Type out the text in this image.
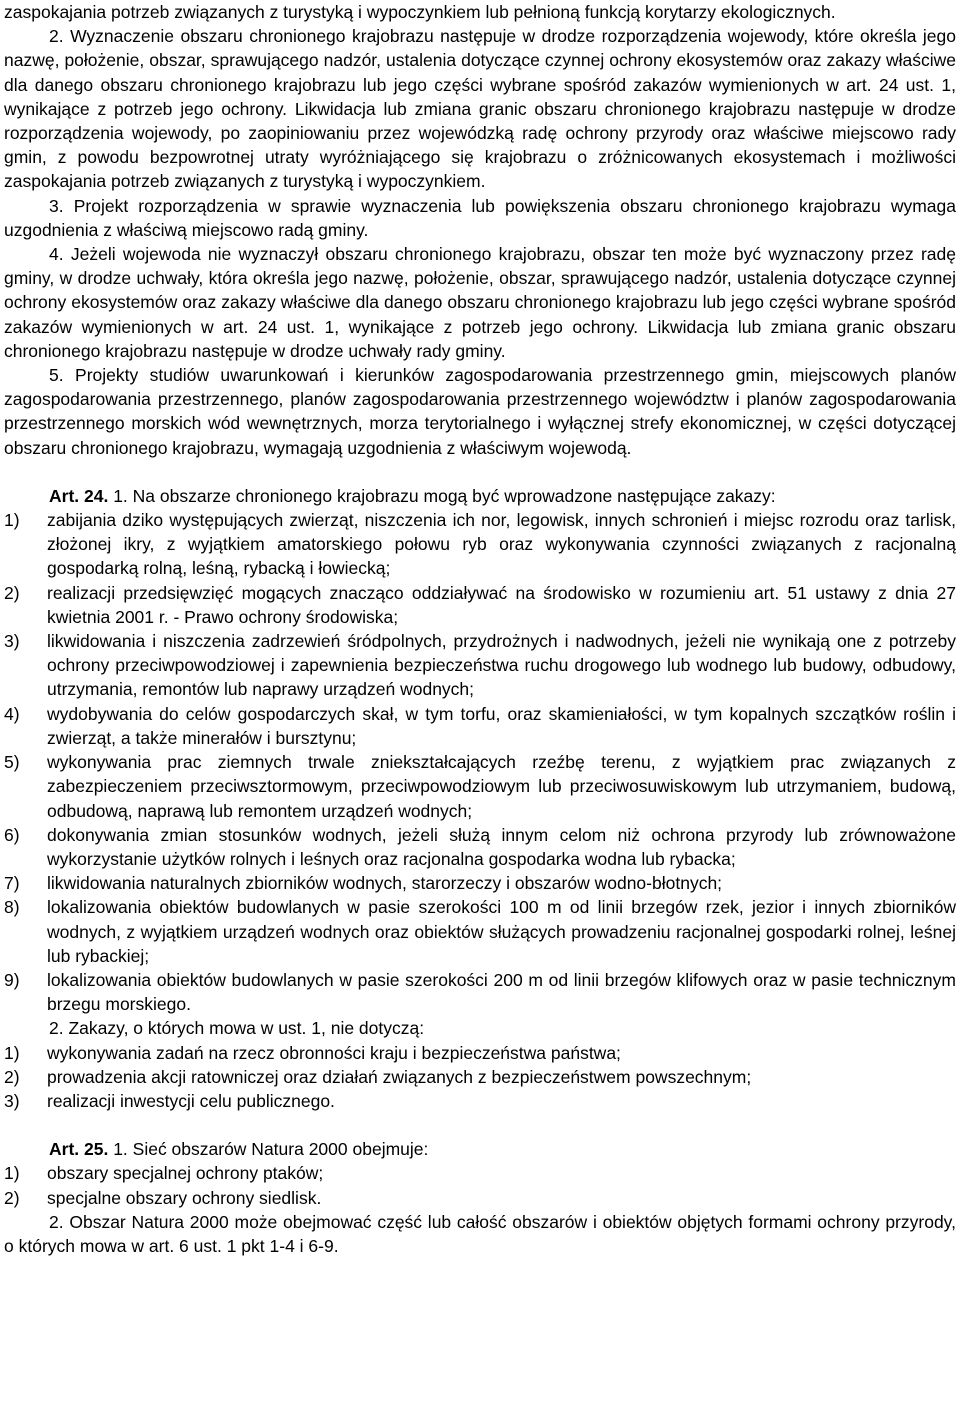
zaspokajania potrzeb związanych z turystyką i wypoczynkiem lub pełnioną funkcją korytarzy ekologicznych.

2. Wyznaczenie obszaru chronionego krajobrazu następuje w drodze rozporządzenia wojewody, które określa jego nazwę, położenie, obszar, sprawującego nadzór, ustalenia dotyczące czynnej ochrony ekosystemów oraz zakazy właściwe dla danego obszaru chronionego krajobrazu lub jego części wybrane spośród zakazów wymienionych w art. 24 ust. 1, wynikające z potrzeb jego ochrony. Likwidacja lub zmiana granic obszaru chronionego krajobrazu następuje w drodze rozporządzenia wojewody, po zaopiniowaniu przez wojewódzką radę ochrony przyrody oraz właściwe miejscowo rady gmin, z powodu bezpowrotnej utraty wyróżniającego się krajobrazu o zróżnicowanych ekosystemach i możliwości zaspokajania potrzeb związanych z turystyką i wypoczynkiem.

3. Projekt rozporządzenia w sprawie wyznaczenia lub powiększenia obszaru chronionego krajobrazu wymaga uzgodnienia z właściwą miejscowo radą gminy.

4. Jeżeli wojewoda nie wyznaczył obszaru chronionego krajobrazu, obszar ten może być wyznaczony przez radę gminy, w drodze uchwały, która określa jego nazwę, położenie, obszar, sprawującego nadzór, ustalenia dotyczące czynnej ochrony ekosystemów oraz zakazy właściwe dla danego obszaru chronionego krajobrazu lub jego części wybrane spośród zakazów wymienionych w art. 24 ust. 1, wynikające z potrzeb jego ochrony. Likwidacja lub zmiana granic obszaru chronionego krajobrazu następuje w drodze uchwały rady gminy.

5. Projekty studiów uwarunkowań i kierunków zagospodarowania przestrzennego gmin, miejscowych planów zagospodarowania przestrzennego, planów zagospodarowania przestrzennego województw i planów zagospodarowania przestrzennego morskich wód wewnętrznych, morza terytorialnego i wyłącznej strefy ekonomicznej, w części dotyczącej obszaru chronionego krajobrazu, wymagają uzgodnienia z właściwym wojewodą.

Art. 24. 1. Na obszarze chronionego krajobrazu mogą być wprowadzone następujące zakazy:

1)	zabijania dziko występujących zwierząt, niszczenia ich nor, legowisk, innych schronień i miejsc rozrodu oraz tarlisk, złożonej ikry, z wyjątkiem amatorskiego połowu ryb oraz wykonywania czynności związanych z racjonalną gospodarką rolną, leśną, rybacką i łowiecką;
2)	realizacji przedsięwzięć mogących znacząco oddziaływać na środowisko w rozumieniu art. 51 ustawy z dnia 27 kwietnia 2001 r. - Prawo ochrony środowiska;
3)	likwidowania i niszczenia zadrzewień śródpolnych, przydrożnych i nadwodnych, jeżeli nie wynikają one z potrzeby ochrony przeciwpowodziowej i zapewnienia bezpieczeństwa ruchu drogowego lub wodnego lub budowy, odbudowy, utrzymania, remontów lub naprawy urządzeń wodnych;
4)	wydobywania do celów gospodarczych skał, w tym torfu, oraz skamieniałości, w tym kopalnych szczątków roślin i zwierząt, a także minerałów i bursztynu;
5)	wykonywania prac ziemnych trwale zniekształcających rzeźbę terenu, z wyjątkiem prac związanych z zabezpieczeniem przeciwsztormowym, przeciwpowodziowym lub przeciwosuwiskowym lub utrzymaniem, budową, odbudową, naprawą lub remontem urządzeń wodnych;
6)	dokonywania zmian stosunków wodnych, jeżeli służą innym celom niż ochrona przyrody lub zrównoważone wykorzystanie użytków rolnych i leśnych oraz racjonalna gospodarka wodna lub rybacka;
7)	likwidowania naturalnych zbiorników wodnych, starorzeczy i obszarów wodno-błotnych;
8)	lokalizowania obiektów budowlanych w pasie szerokości 100 m od linii brzegów rzek, jezior i innych zbiorników wodnych, z wyjątkiem urządzeń wodnych oraz obiektów służących prowadzeniu racjonalnej gospodarki rolnej, leśnej lub rybackiej;
9)	lokalizowania obiektów budowlanych w pasie szerokości 200 m od linii brzegów klifowych oraz w pasie technicznym brzegu morskiego.

2. Zakazy, o których mowa w ust. 1, nie dotyczą:

1)	wykonywania zadań na rzecz obronności kraju i bezpieczeństwa państwa;
2)	prowadzenia akcji ratowniczej oraz działań związanych z bezpieczeństwem powszechnym;
3)	realizacji inwestycji celu publicznego.

Art. 25. 1. Sieć obszarów Natura 2000 obejmuje:

1)	obszary specjalnej ochrony ptaków;
2)	specjalne obszary ochrony siedlisk.

2. Obszar Natura 2000 może obejmować część lub całość obszarów i obiektów objętych formami ochrony przyrody, o których mowa w art. 6 ust. 1 pkt 1-4 i 6-9.
